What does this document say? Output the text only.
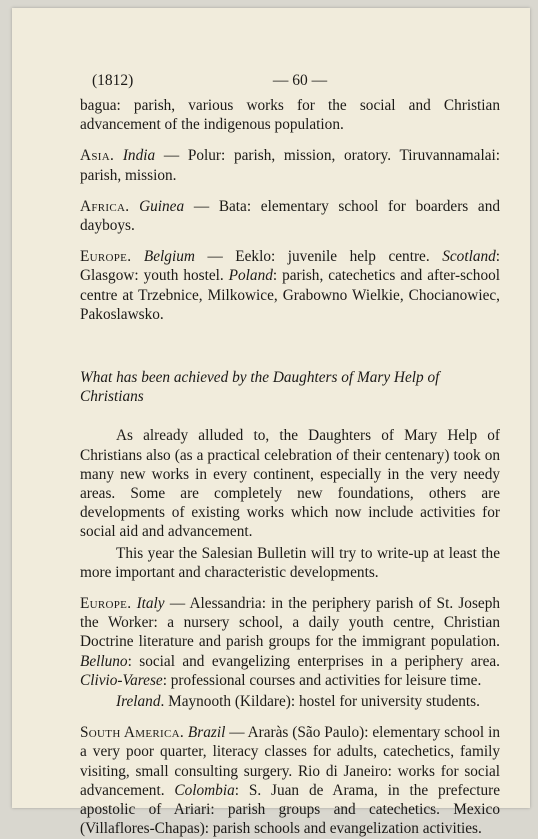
(1812)	— 60 —

bagua: parish, various works for the social and Christian advancement of the indigenous population.

Asia. India — Polur: parish, mission, oratory. Tiruvannamalai: parish, mission.

Africa. Guinea — Bata: elementary school for boarders and dayboys.

Europe. Belgium — Eeklo: juvenile help centre. Scotland: Glasgow: youth hostel. Poland: parish, catechetics and after-school centre at Trzebnice, Milkowice, Grabowno Wielkie, Chocianowiec, Pakoslawsko.

What has been achieved by the Daughters of Mary Help of Christians

As already alluded to, the Daughters of Mary Help of Christians also (as a practical celebration of their centenary) took on many new works in every continent, especially in the very needy areas. Some are completely new foundations, others are developments of existing works which now include activities for social aid and advancement.

This year the Salesian Bulletin will try to write-up at least the more important and characteristic developments.

Europe. Italy — Alessandria: in the periphery parish of St. Joseph the Worker: a nursery school, a daily youth centre, Christian Doctrine literature and parish groups for the immigrant population. Belluno: social and evangelizing enterprises in a periphery area. Clivio-Varese: professional courses and activities for leisure time.

Ireland. Maynooth (Kildare): hostel for university students.

South America. Brazil — Araràs (São Paulo): elementary school in a very poor quarter, literacy classes for adults, catechetics, family visiting, small consulting surgery. Rio di Janeiro: works for social advancement. Colombia: S. Juan de Arama, in the prefecture apostolic of Ariari: parish groups and catechetics. Mexico (Villaflores-Chapas): parish schools and evangelization activities.
